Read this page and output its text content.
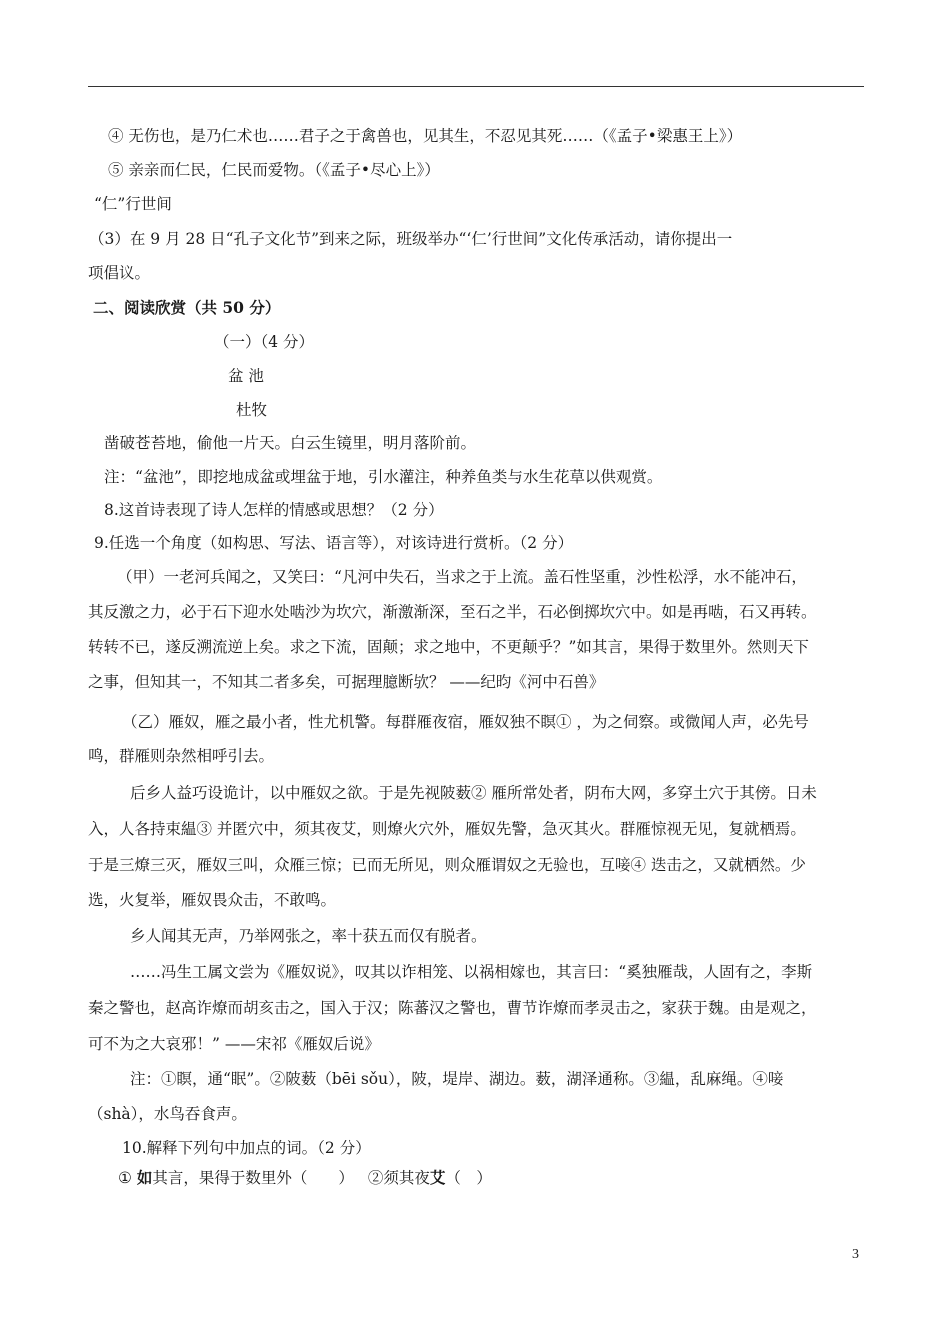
④ 无伤也，是乃仁术也……君子之于禽兽也，见其生，不忍见其死……（《孟子•梁惠王上》）
⑤ 亲亲而仁民，仁民而爱物。（《孟子•尽心上》）
“仁”行世间
（3）在 9 月 28 日“孔子文化节”到来之际，班级举办“‘仁’行世间”文化传承活动，请你提出一
项倡议。
二、阅读欣赏（共 50 分）
（一）（4 分）
盆 池
杜牧
凿破苍苔地，偷他一片天。白云生镜里，明月落阶前。
注：“盆池”，即挖地成盆或埋盆于地，引水灌注，种养鱼类与水生花草以供观赏。
8.这首诗表现了诗人怎样的情感或思想？（2 分）
9.任选一个角度（如构思、写法、语言等），对该诗进行赏析。（2 分）
（甲）一老河兵闻之，又笑曰：“凡河中失石，当求之于上流。盖石性坚重，沙性松浮，水不能冲石，
其反激之力，必于石下迎水处啮沙为坎穴，渐激渐深，至石之半，石必倒掷坎穴中。如是再啮，石又再转。
转转不已，遂反溯流逆上矣。求之下流，固颠；求之地中，不更颠乎？”如其言，果得于数里外。然则天下
之事，但知其一，不知其二者多矣，可据理臆断欤？ ——纪昀《河中石兽》
（乙）雁奴，雁之最小者，性尤机警。每群雁夜宿，雁奴独不瞑① ，为之伺察。或微闻人声，必先号
鸣，群雁则杂然相呼引去。
后乡人益巧设诡计，以中雁奴之欲。于是先视陂薮② 雁所常处者，阴布大网，多穿土穴于其傍。日未
入，人各持束緼③ 并匿穴中，须其夜艾，则燎火穴外，雁奴先警，急灭其火。群雁惊视无见，复就栖焉。
于是三燎三灭，雁奴三叫，众雁三惊；已而无所见，则众雁谓奴之无验也，互唼④ 迭击之，又就栖然。少
选，火复举，雁奴畏众击，不敢鸣。
乡人闻其无声，乃举网张之，率十获五而仅有脱者。
……冯生工属文尝为《雁奴说》，叹其以诈相笼、以祸相嫁也，其言曰：“奚独雁哉，人固有之，李斯
秦之警也，赵高诈燎而胡亥击之，国入于汉；陈蕃汉之警也，曹节诈燎而孝灵击之，家获于魏。由是观之，
可不为之大哀邪！” ——宋祁《雁奴后说》
注：①瞑，通“眠”。②陂薮（bēi sǒu），陂，堤岸、湖边。薮，湖泽通称。③緼，乱麻绳。④唼
（shà），水鸟吞食声。
10.解释下列句中加点的词。（2 分）
① 如其言，果得于数里外（　　） ②须其夜艾（　）
3
